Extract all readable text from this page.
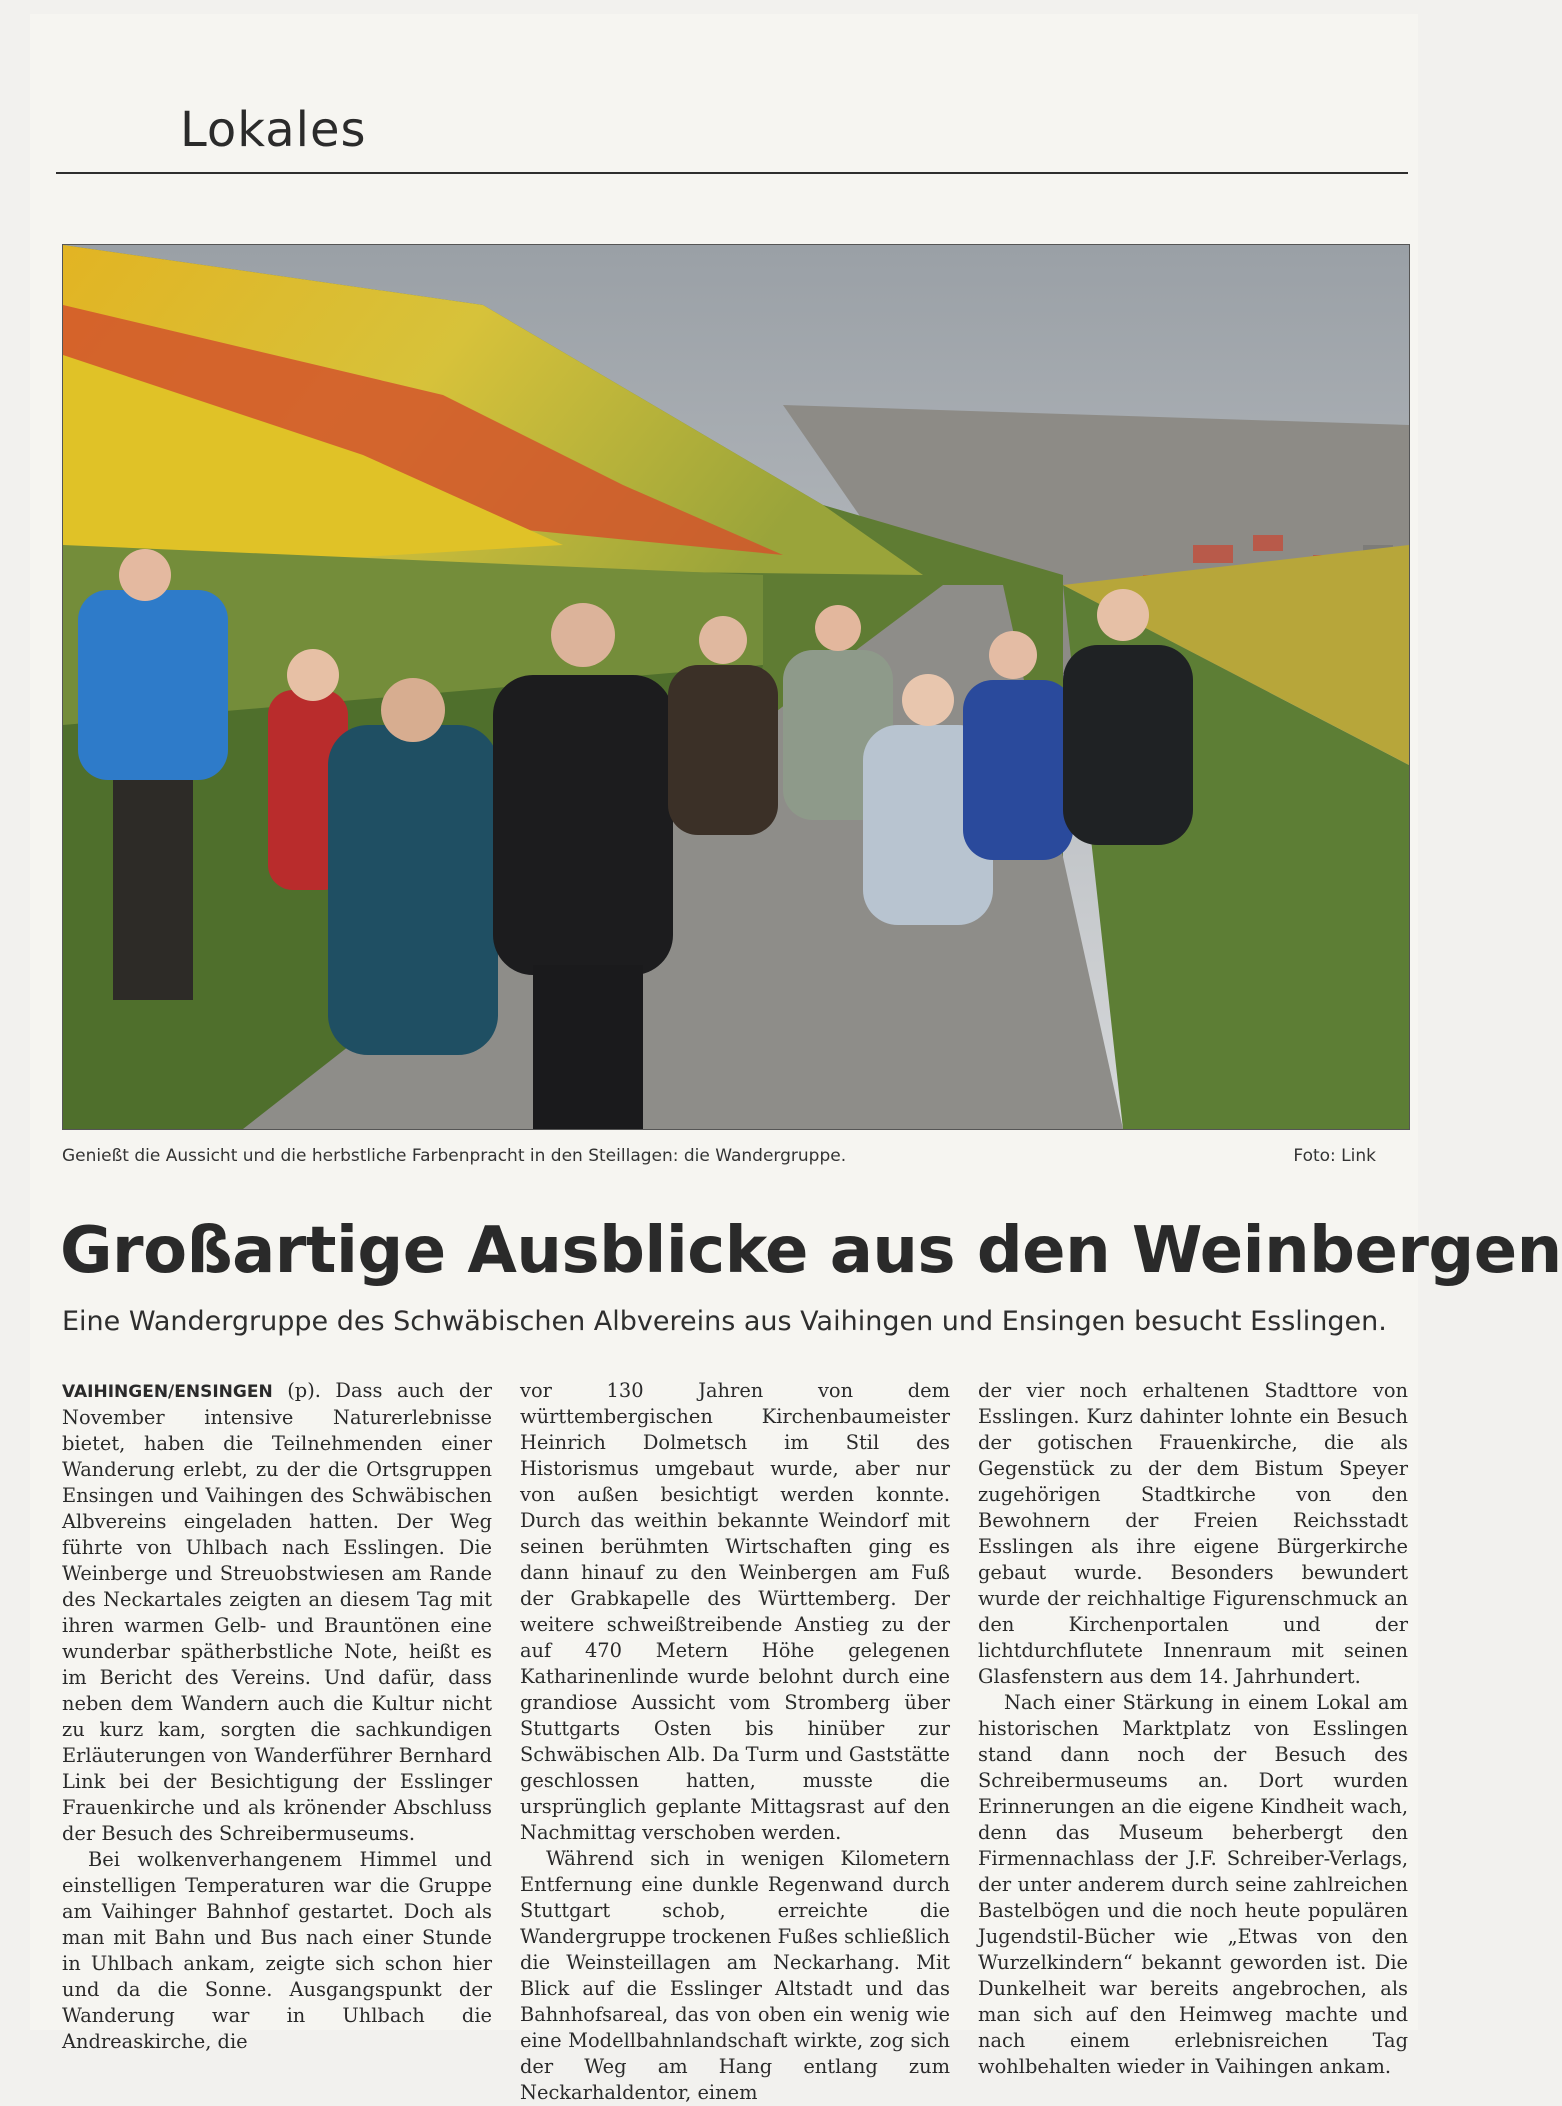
Lokales
Genießt die Aussicht und die herbstliche Farbenpracht in den Steillagen: die Wandergruppe.	Foto: Link
Großartige Ausblicke aus den Weinbergen
Eine Wandergruppe des Schwäbischen Albvereins aus Vaihingen und Ensingen besucht Esslingen.

VAIHINGEN/ENSINGEN (p). Dass auch der November intensive Naturerlebnisse bietet, haben die Teilnehmenden einer Wanderung erlebt, zu der die Ortsgruppen Ensingen und Vaihingen des Schwäbischen Albvereins eingeladen hatten. Der Weg führte von Uhlbach nach Esslingen. Die Weinberge und Streuobstwiesen am Rande des Neckartales zeigten an diesem Tag mit ihren warmen Gelb- und Brauntönen eine wunderbar spätherbstliche Note, heißt es im Bericht des Vereins. Und dafür, dass neben dem Wandern auch die Kultur nicht zu kurz kam, sorgten die sachkundigen Erläuterungen von Wanderführer Bernhard Link bei der Besichtigung der Esslinger Frauenkirche und als krönender Abschluss der Besuch des Schreibermuseums.

Bei wolkenverhangenem Himmel und einstelligen Temperaturen war die Gruppe am Vaihinger Bahnhof gestartet. Doch als man mit Bahn und Bus nach einer Stunde in Uhlbach ankam, zeigte sich schon hier und da die Sonne. Ausgangspunkt der Wanderung war in Uhlbach die Andreaskirche, die

vor 130 Jahren von dem württembergischen Kirchenbaumeister Heinrich Dolmetsch im Stil des Historismus umgebaut wurde, aber nur von außen besichtigt werden konnte. Durch das weithin bekannte Weindorf mit seinen berühmten Wirtschaften ging es dann hinauf zu den Weinbergen am Fuß der Grabkapelle des Württemberg. Der weitere schweißtreibende Anstieg zu der auf 470 Metern Höhe gelegenen Katharinenlinde wurde belohnt durch eine grandiose Aussicht vom Stromberg über Stuttgarts Osten bis hinüber zur Schwäbischen Alb. Da Turm und Gaststätte geschlossen hatten, musste die ursprünglich geplante Mittagsrast auf den Nachmittag verschoben werden.

Während sich in wenigen Kilometern Entfernung eine dunkle Regenwand durch Stuttgart schob, erreichte die Wandergruppe trockenen Fußes schließlich die Weinsteillagen am Neckarhang. Mit Blick auf die Esslinger Altstadt und das Bahnhofsareal, das von oben ein wenig wie eine Modellbahnlandschaft wirkte, zog sich der Weg am Hang entlang zum Neckarhaldentor, einem

der vier noch erhaltenen Stadttore von Esslingen. Kurz dahinter lohnte ein Besuch der gotischen Frauenkirche, die als Gegenstück zu der dem Bistum Speyer zugehörigen Stadtkirche von den Bewohnern der Freien Reichsstadt Esslingen als ihre eigene Bürgerkirche gebaut wurde. Besonders bewundert wurde der reichhaltige Figurenschmuck an den Kirchenportalen und der lichtdurchflutete Innenraum mit seinen Glasfenstern aus dem 14. Jahrhundert.

Nach einer Stärkung in einem Lokal am historischen Marktplatz von Esslingen stand dann noch der Besuch des Schreibermuseums an. Dort wurden Erinnerungen an die eigene Kindheit wach, denn das Museum beherbergt den Firmennachlass der J.F. Schreiber-Verlags, der unter anderem durch seine zahlreichen Bastelbögen und die noch heute populären Jugendstil-Bücher wie „Etwas von den Wurzelkindern“ bekannt geworden ist. Die Dunkelheit war bereits angebrochen, als man sich auf den Heimweg machte und nach einem erlebnisreichen Tag wohlbehalten wieder in Vaihingen ankam.
